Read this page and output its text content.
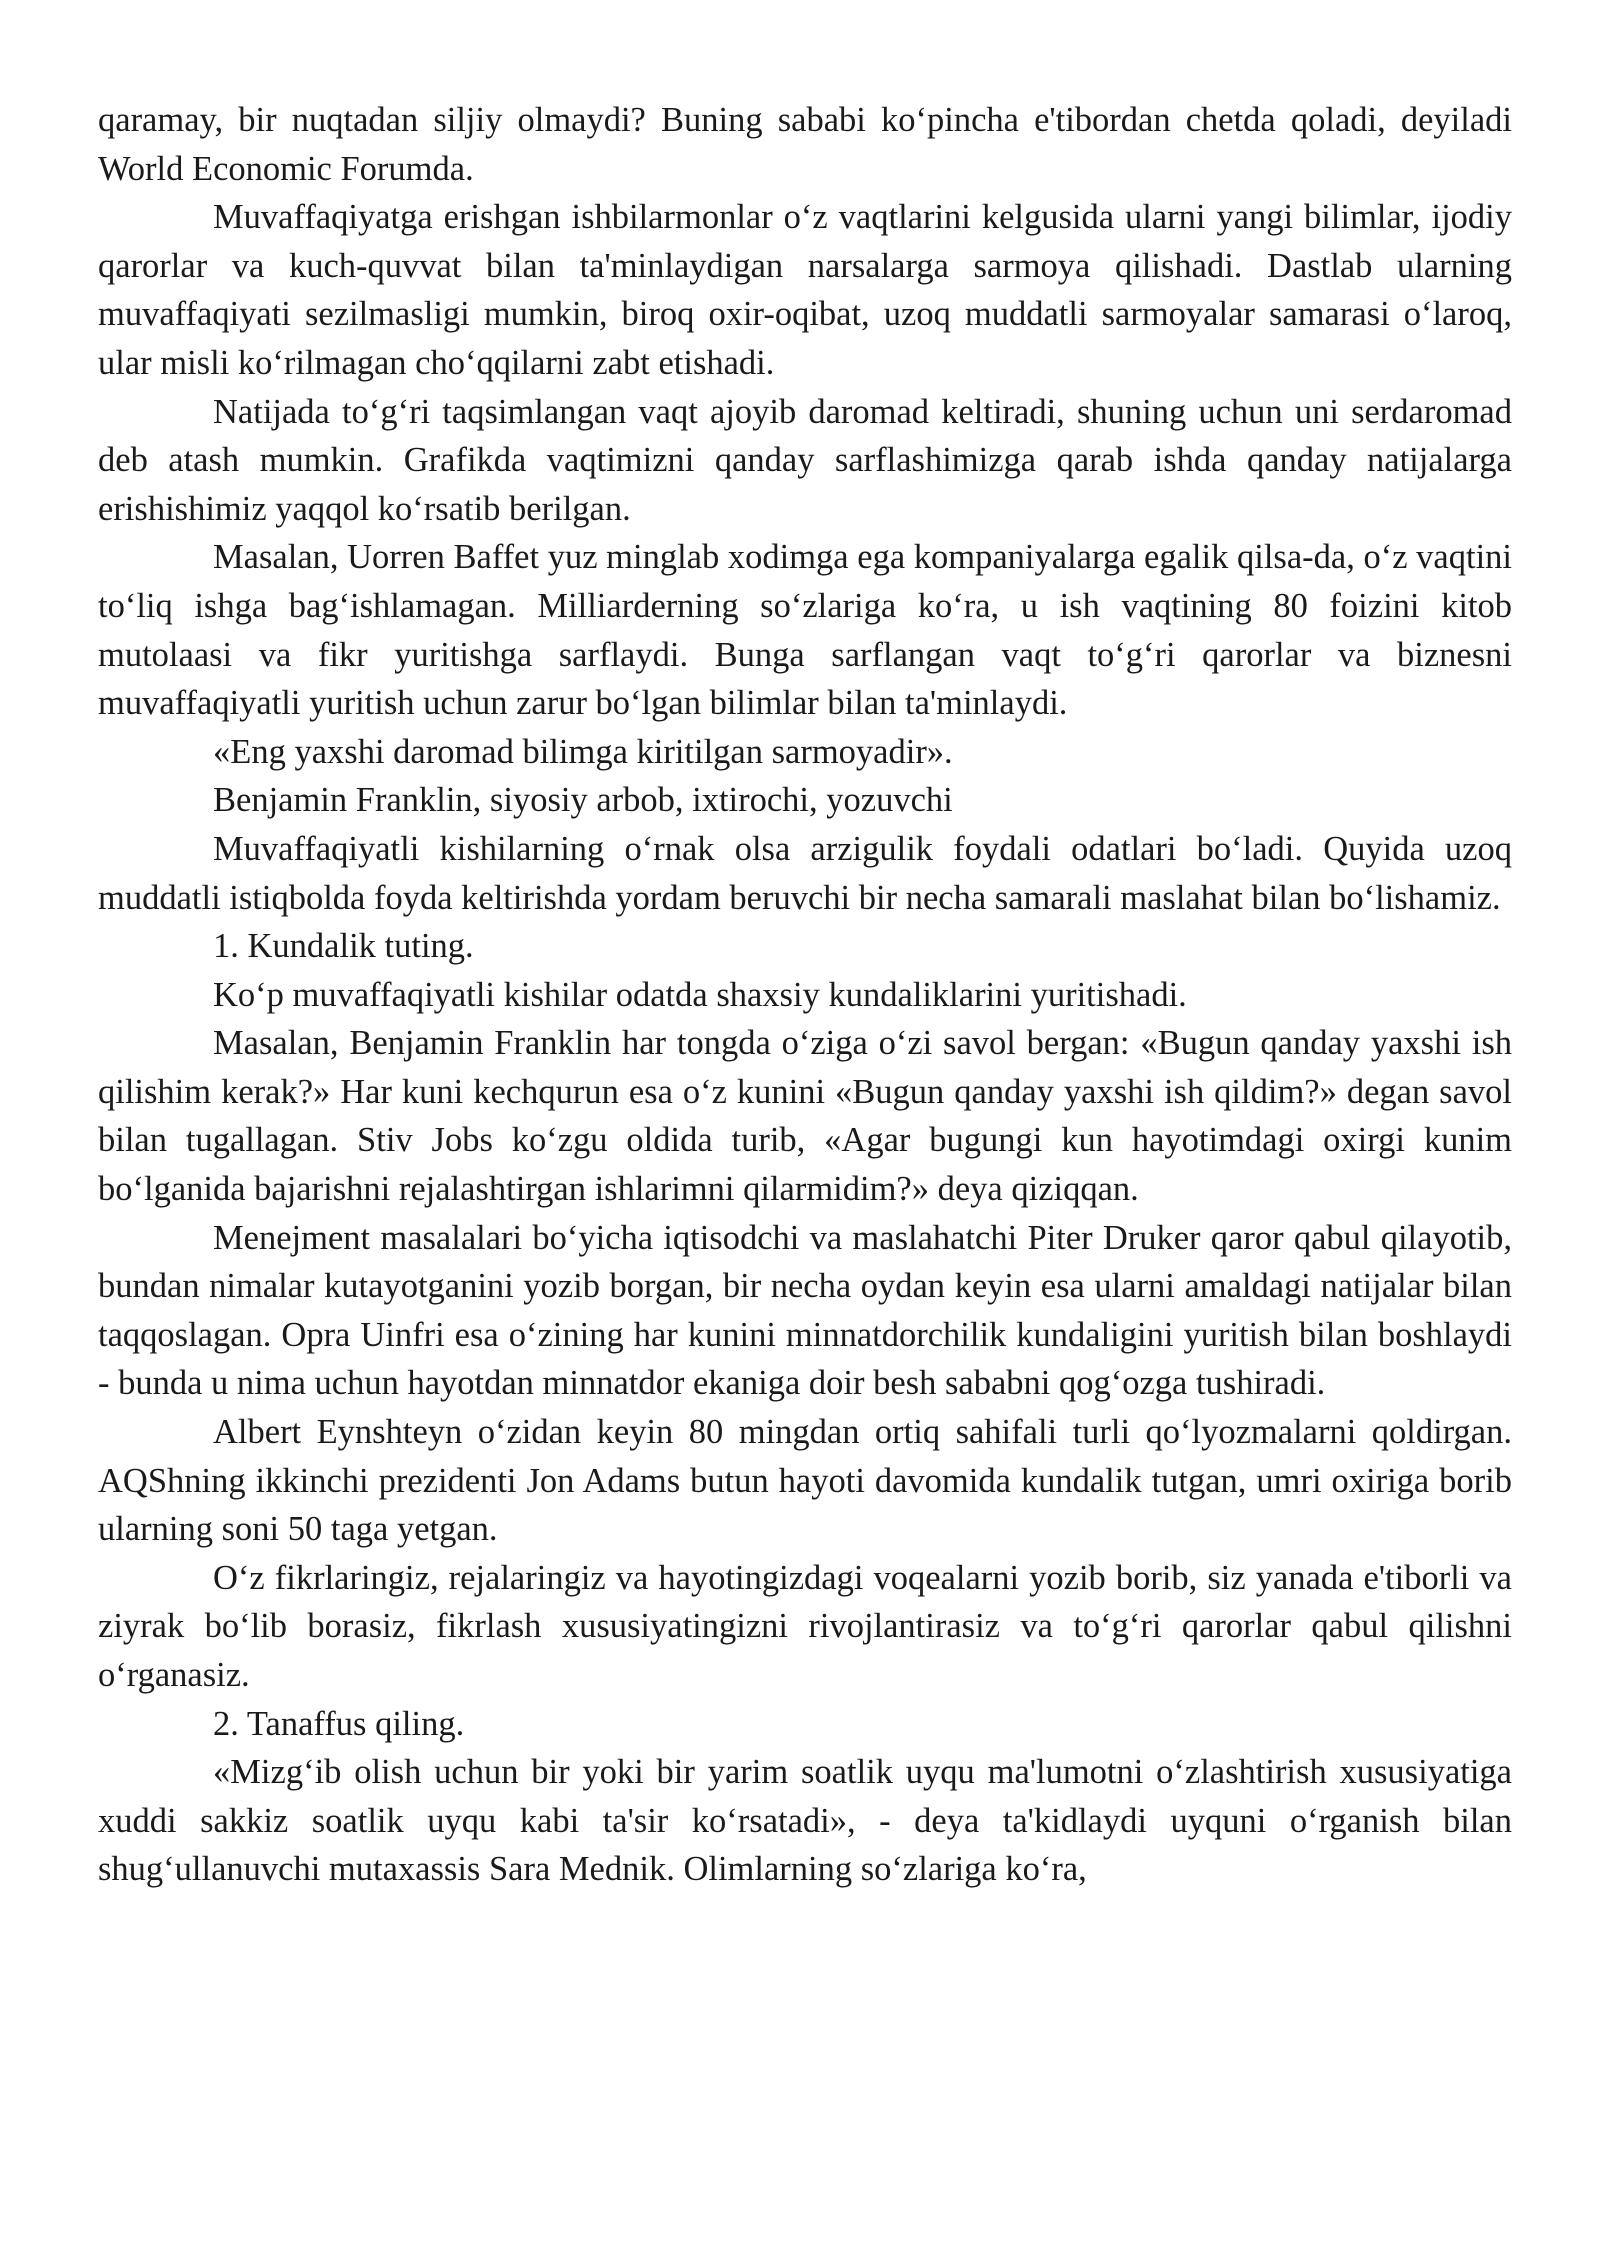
qaramay, bir nuqtadan siljiy olmaydi? Buning sababi koʻpincha e'tibordan chetda qoladi, deyiladi World Economic Forumda.

Muvaffaqiyatga erishgan ishbilarmonlar oʻz vaqtlarini kelgusida ularni yangi bilimlar, ijodiy qarorlar va kuch-quvvat bilan ta'minlaydigan narsalarga sarmoya qilishadi. Dastlab ularning muvaffaqiyati sezilmasligi mumkin, biroq oxir-oqibat, uzoq muddatli sarmoyalar samarasi oʻlaroq, ular misli koʻrilmagan choʻqqilarni zabt etishadi.

Natijada toʻgʻri taqsimlangan vaqt ajoyib daromad keltiradi, shuning uchun uni serdaromad deb atash mumkin. Grafikda vaqtimizni qanday sarflashimizga qarab ishda qanday natijalarga erishishimiz yaqqol koʻrsatib berilgan.

Masalan, Uorren Baffet yuz minglab xodimga ega kompaniyalarga egalik qilsa-da, oʻz vaqtini toʻliq ishga bagʻishlamagan. Milliarderning soʻzlariga koʻra, u ish vaqtining 80 foizini kitob mutolaasi va fikr yuritishga sarflaydi. Bunga sarflangan vaqt toʻgʻri qarorlar va biznesni muvaffaqiyatli yuritish uchun zarur boʻlgan bilimlar bilan ta'minlaydi.

«Eng yaxshi daromad bilimga kiritilgan sarmoyadir».

Benjamin Franklin, siyosiy arbob, ixtirochi, yozuvchi

Muvaffaqiyatli kishilarning oʻrnak olsa arzigulik foydali odatlari boʻladi. Quyida uzoq muddatli istiqbolda foyda keltirishda yordam beruvchi bir necha samarali maslahat bilan boʻlishamiz.

1. Kundalik tuting.

Koʻp muvaffaqiyatli kishilar odatda shaxsiy kundaliklarini yuritishadi.

Masalan, Benjamin Franklin har tongda oʻziga oʻzi savol bergan: «Bugun qanday yaxshi ish qilishim kerak?» Har kuni kechqurun esa oʻz kunini «Bugun qanday yaxshi ish qildim?» degan savol bilan tugallagan. Stiv Jobs koʻzgu oldida turib, «Agar bugungi kun hayotimdagi oxirgi kunim boʻlganida bajarishni rejalashtirgan ishlarimni qilarmidim?» deya qiziqqan.

Menejment masalalari boʻyicha iqtisodchi va maslahatchi Piter Druker qaror qabul qilayotib, bundan nimalar kutayotganini yozib borgan, bir necha oydan keyin esa ularni amaldagi natijalar bilan taqqoslagan. Opra Uinfri esa oʻzining har kunini minnatdorchilik kundaligini yuritish bilan boshlaydi - bunda u nima uchun hayotdan minnatdor ekaniga doir besh sababni qogʻozga tushiradi.

Albert Eynshteyn oʻzidan keyin 80 mingdan ortiq sahifali turli qoʻlyozmalarni qoldirgan. AQShning ikkinchi prezidenti Jon Adams butun hayoti davomida kundalik tutgan, umri oxiriga borib ularning soni 50 taga yetgan.

Oʻz fikrlaringiz, rejalaringiz va hayotingizdagi voqealarni yozib borib, siz yanada e'tiborli va ziyrak boʻlib borasiz, fikrlash xususiyatingizni rivojlantirasiz va toʻgʻri qarorlar qabul qilishni oʻrganasiz.

2. Tanaffus qiling.

«Mizgʻib olish uchun bir yoki bir yarim soatlik uyqu ma'lumotni oʻzlashtirish xususiyatiga xuddi sakkiz soatlik uyqu kabi ta'sir koʻrsatadi», - deya ta'kidlaydi uyquni oʻrganish bilan shugʻullanuvchi mutaxassis Sara Mednik. Olimlarning soʻzlariga koʻra,
